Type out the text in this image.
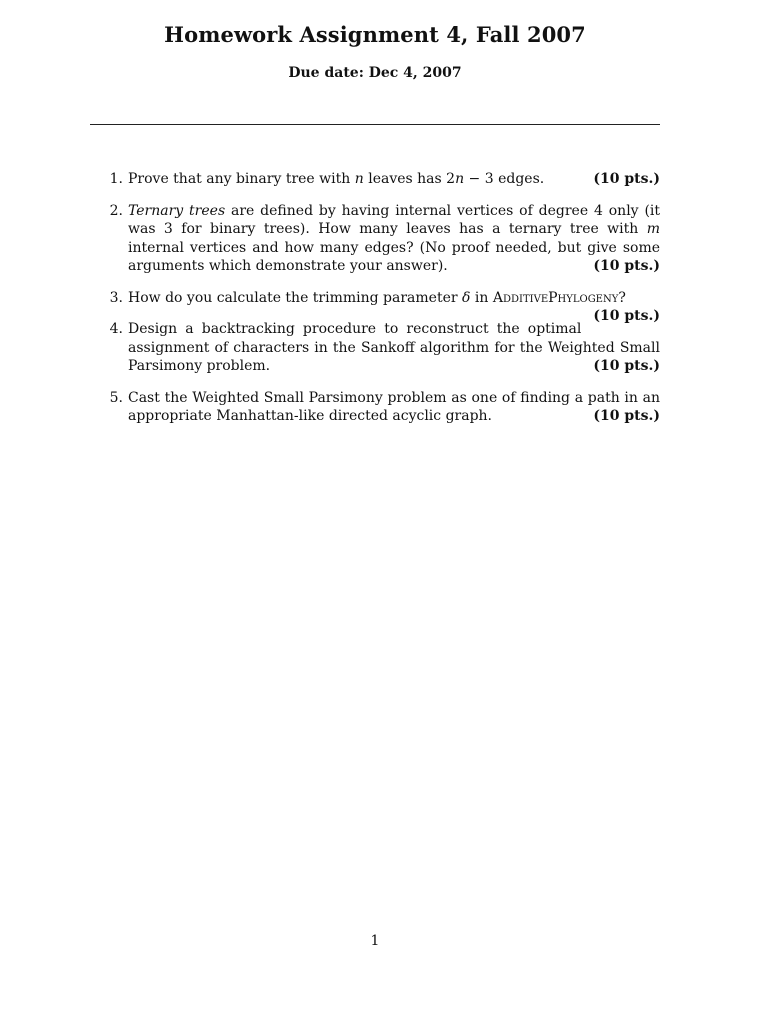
Homework Assignment 4, Fall 2007
Due date: Dec 4, 2007
1. Prove that any binary tree with n leaves has 2n − 3 edges.	(10 pts.)
2. Ternary trees are defined by having internal vertices of degree 4 only (it was 3 for binary trees). How many leaves has a ternary tree with m internal vertices and how many edges? (No proof needed, but give some arguments which demonstrate your answer).	(10 pts.)
3. How do you calculate the trimming parameter δ in AdditivePhylogeny?
(10 pts.)
4. Design a backtracking procedure to reconstruct the optimal assignment of characters in the Sankoff algorithm for the Weighted Small Parsimony problem.	(10 pts.)
5. Cast the Weighted Small Parsimony problem as one of finding a path in an appropriate Manhattan-like directed acyclic graph.	(10 pts.)
1
